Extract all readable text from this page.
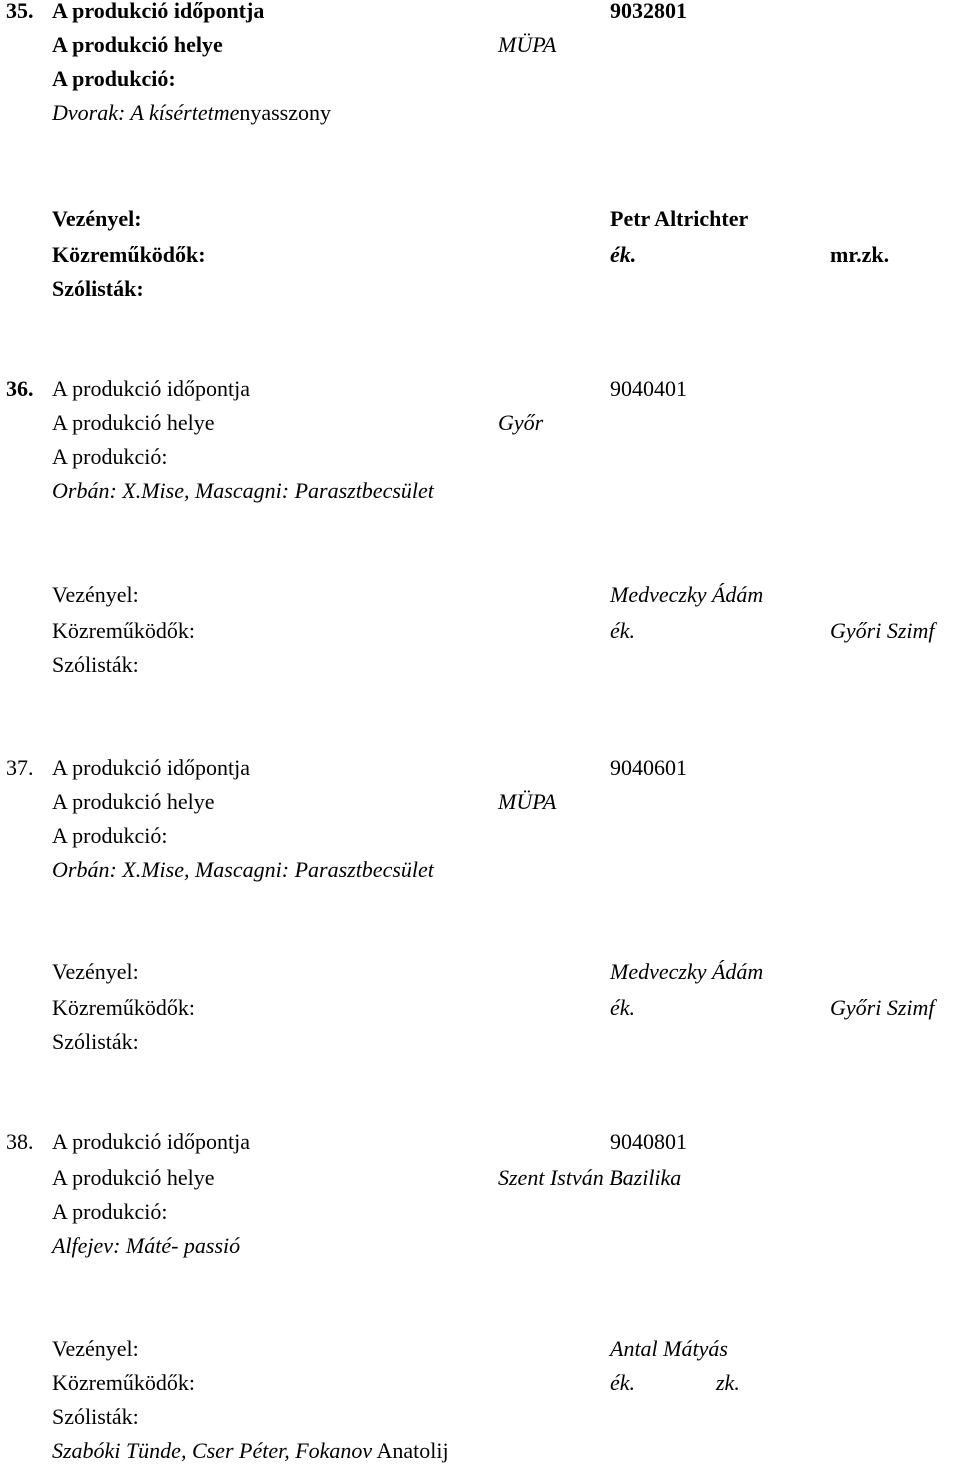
35. A produkció időpontja	9032801
A produkció helye	MÜPA
A produkció:
Dvorak: A kísértetmenyasszony
Vezényel:	Petr Altrichter
Közreműködők:	ék.	mr.zk.
Szólisták:
36. A produkció időpontja	9040401
A produkció helye	Győr
A produkció:
Orbán: X.Mise, Mascagni: Parasztbecsület
Vezényel:	Medveczky Ádám
Közreműködők:	ék.	Győri Szimf
Szólisták:
37. A produkció időpontja	9040601
A produkció helye	MÜPA
A produkció:
Orbán: X.Mise, Mascagni: Parasztbecsület
Vezényel:	Medveczky Ádám
Közreműködők:	ék.	Győri Szimf
Szólisták:
38. A produkció időpontja	9040801
A produkció helye	Szent István Bazilika
A produkció:
Alfejev: Máté- passió
Vezényel:	Antal Mátyás
Közreműködők:	ék.	zk.
Szólisták:
Szabóki Tünde, Cser Péter, Fokanov Anatolij
